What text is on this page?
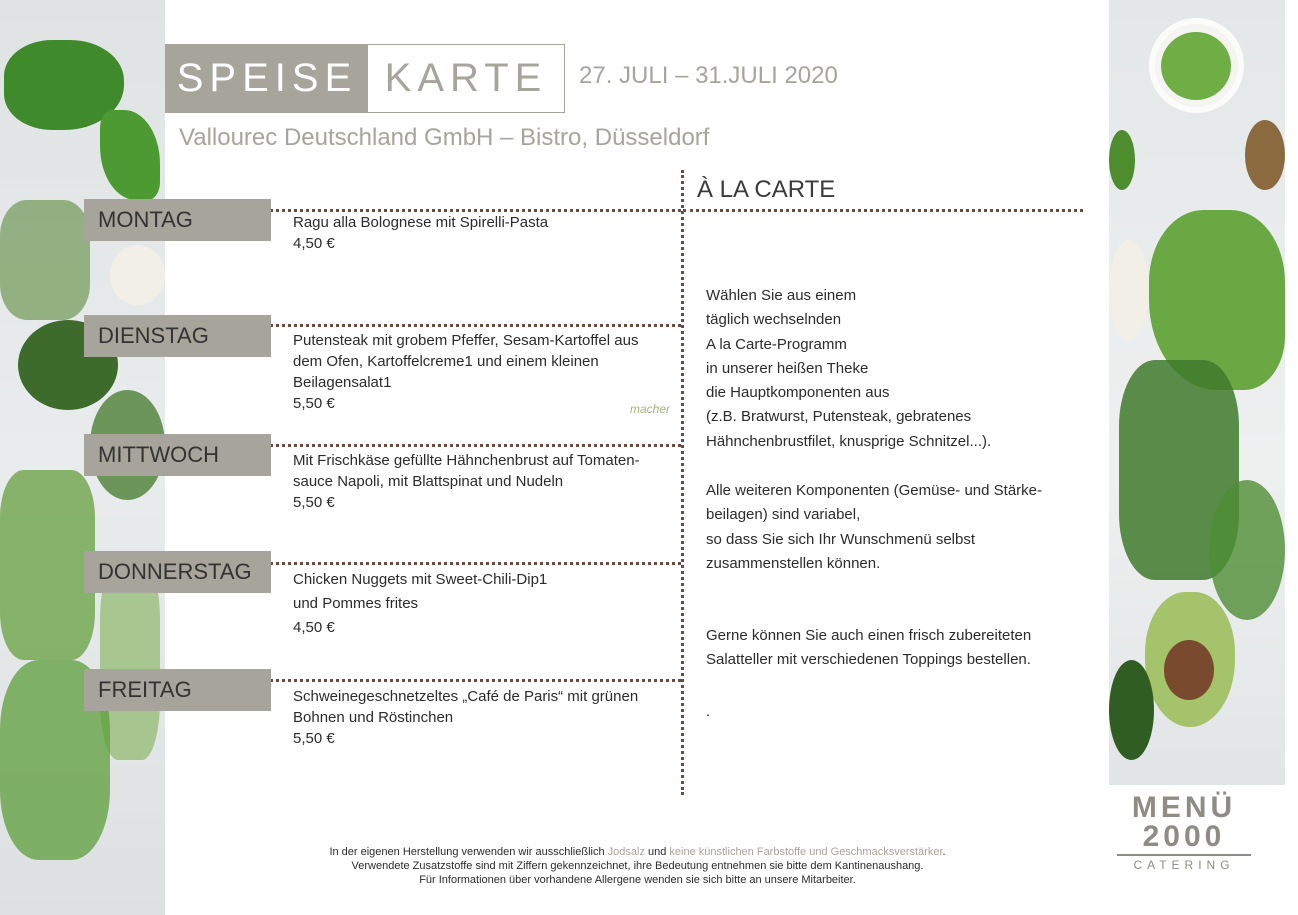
SPEISE KARTE	27. JULI – 31.JULI 2020
Vallourec Deutschland GmbH – Bistro, Düsseldorf
À LA CARTE
MONTAG	Ragu alla Bolognese mit Spirelli-Pasta
4,50 €
DIENSTAG	Putensteak mit grobem Pfeffer, Sesam-Kartoffel aus
dem Ofen, Kartoffelcreme1 und einem kleinen
Beilagensalat1
5,50 €
MITTWOCH	Mit Frischkäse gefüllte Hähnchenbrust auf Tomaten-
sauce Napoli, mit Blattspinat und Nudeln
5,50 €
DONNERSTAG	Chicken Nuggets mit Sweet-Chili-Dip1
und Pommes frites
4,50 €
FREITAG	Schweinegeschnetzeltes „Café de Paris“ mit grünen
Bohnen und Röstinchen
5,50 €
macher
Wählen Sie aus einem
täglich wechselnden
A la Carte-Programm
in unserer heißen Theke
die Hauptkomponenten aus
(z.B. Bratwurst, Putensteak, gebratenes
Hähnchenbrustfilet, knusprige Schnitzel...).
Alle weiteren Komponenten (Gemüse- und Stärke-
beilagen) sind variabel,
so dass Sie sich Ihr Wunschmenü selbst
zusammenstellen können.
Gerne können Sie auch einen frisch zubereiteten
Salatteller mit verschiedenen Toppings bestellen.
.
In der eigenen Herstellung verwenden wir ausschließlich Jodsalz und keine künstlichen Farbstoffe und Geschmacksverstärker.
Verwendete Zusatzstoffe sind mit Ziffern gekennzeichnet, ihre Bedeutung entnehmen sie bitte dem Kantinenaushang.
Für Informationen über vorhandene Allergene wenden sie sich bitte an unsere Mitarbeiter.
MENÜ
2000
CATERING
